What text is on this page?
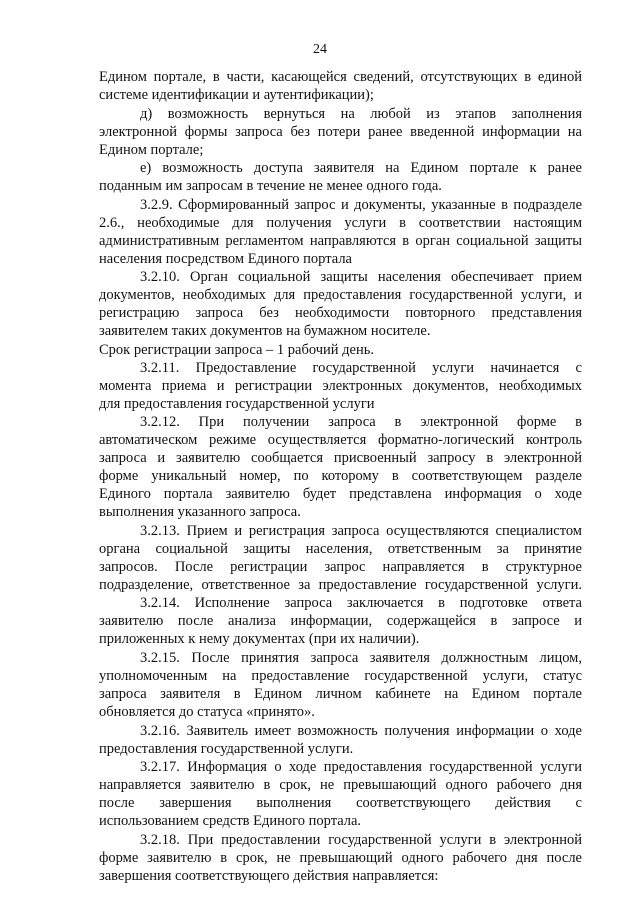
24
Едином портале, в части, касающейся сведений, отсутствующих в единой
системе идентификации и аутентификации);
д) возможность вернуться на любой из этапов заполнения
электронной формы запроса без потери ранее введенной информации на
Едином портале;
е) возможность доступа заявителя на Едином портале к ранее
поданным им запросам в течение не менее одного года.
3.2.9. Сформированный запрос и документы, указанные в подразделе
2.6., необходимые для получения услуги в соответствии настоящим
административным регламентом направляются в орган социальной защиты
населения посредством Единого портала
3.2.10. Орган социальной защиты населения обеспечивает прием
документов, необходимых для предоставления государственной услуги, и
регистрацию запроса без необходимости повторного представления
заявителем таких документов на бумажном носителе.
Срок регистрации запроса – 1 рабочий день.
3.2.11. Предоставление государственной услуги начинается с
момента приема и регистрации электронных документов, необходимых
для предоставления государственной услуги
3.2.12. При получении запроса в электронной форме в
автоматическом режиме осуществляется форматно-логический контроль
запроса и заявителю сообщается присвоенный запросу в электронной
форме уникальный номер, по которому в соответствующем разделе
Единого портала заявителю будет представлена информация о ходе
выполнения указанного запроса.
3.2.13. Прием и регистрация запроса осуществляются специалистом
органа социальной защиты населения, ответственным за принятие
запросов. После регистрации запрос направляется в структурное
подразделение, ответственное за предоставление государственной услуги.
3.2.14. Исполнение запроса заключается в подготовке ответа
заявителю после анализа информации, содержащейся в запросе и
приложенных к нему документах (при их наличии).
3.2.15. После принятия запроса заявителя должностным лицом,
уполномоченным на предоставление государственной услуги, статус
запроса заявителя в Едином личном кабинете на Едином портале
обновляется до статуса «принято».
3.2.16. Заявитель имеет возможность получения информации о ходе
предоставления государственной услуги.
3.2.17. Информация о ходе предоставления государственной услуги
направляется заявителю в срок, не превышающий одного рабочего дня
после завершения выполнения соответствующего действия с
использованием средств Единого портала.
3.2.18. При предоставлении государственной услуги в электронной
форме заявителю в срок, не превышающий одного рабочего дня после
завершения соответствующего действия направляется:
